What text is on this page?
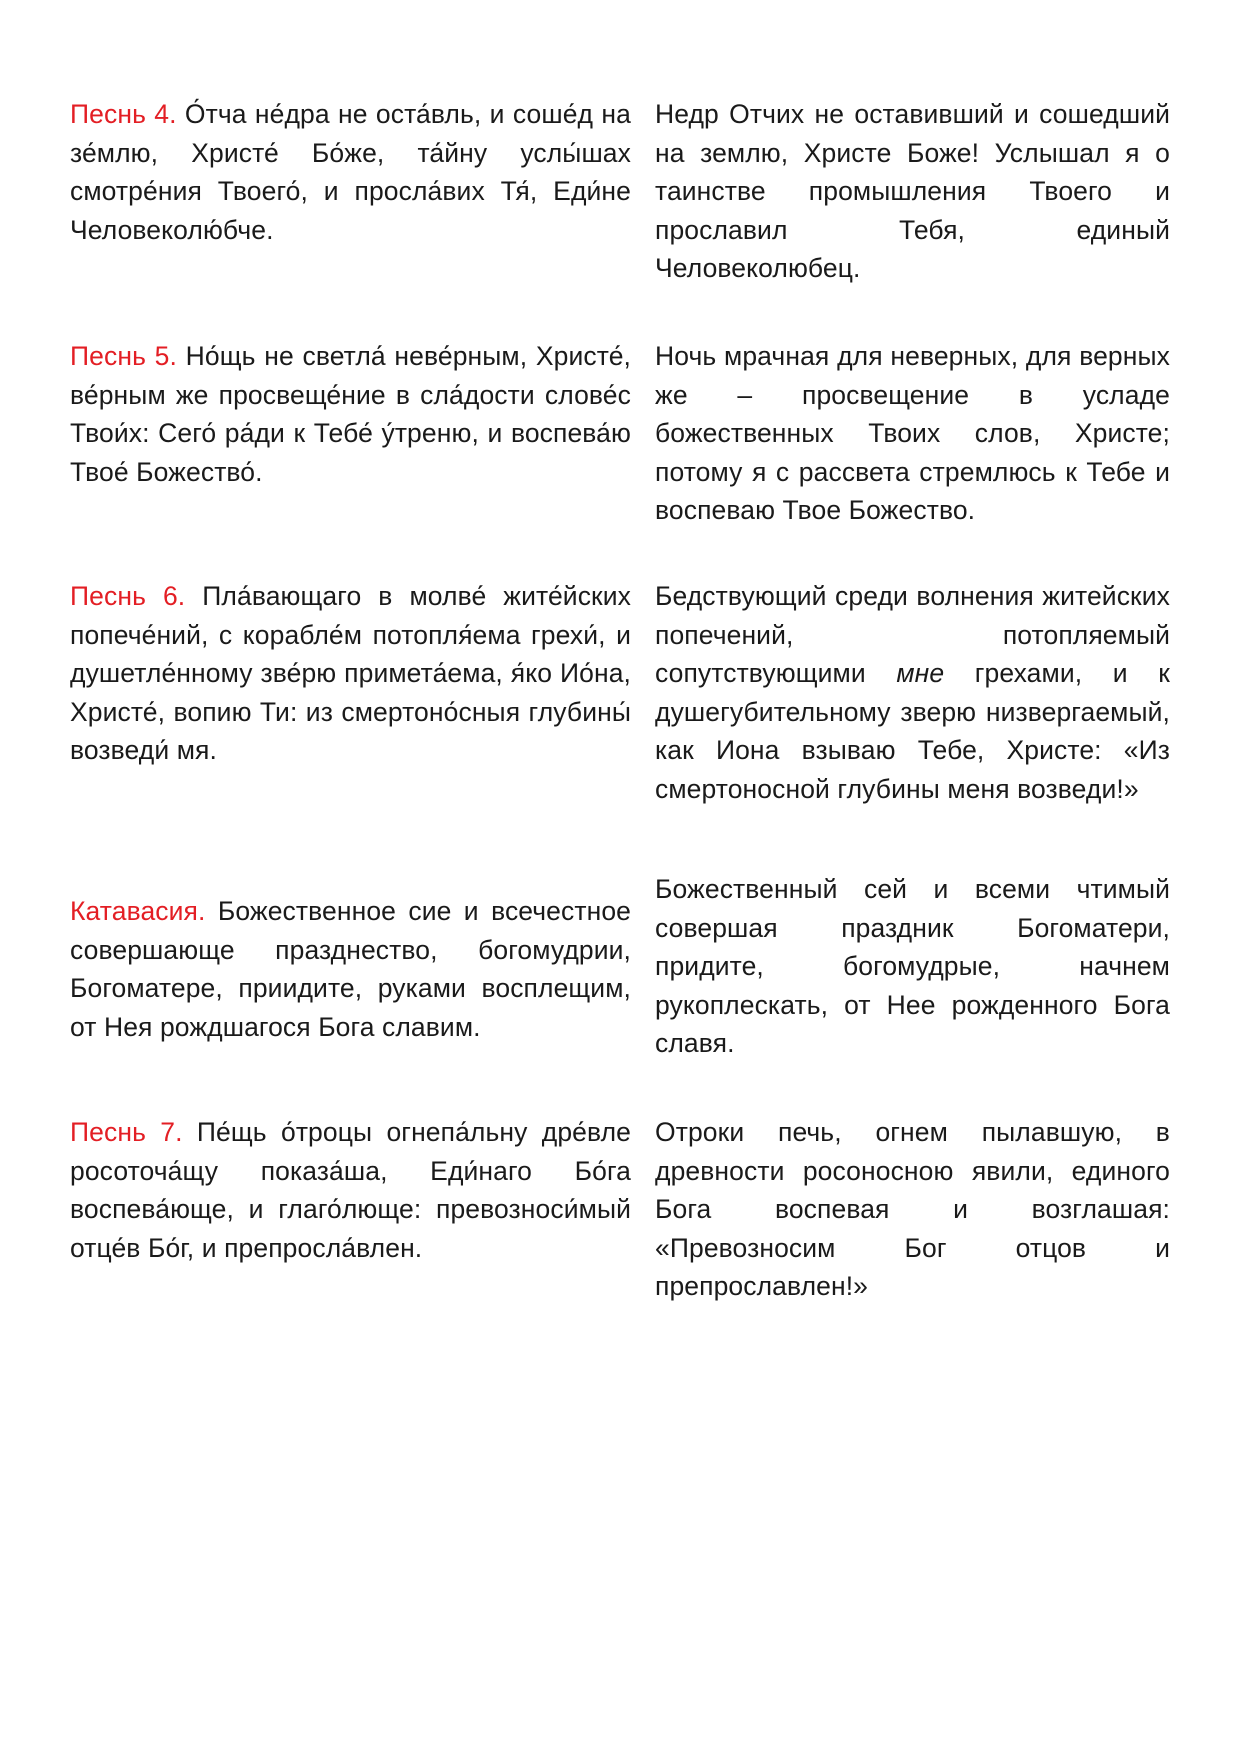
Песнь 4. О́тча не́дра не оста́вль, и соше́д на зе́млю, Христе́ Бо́же, та́йну услы́шах смотре́ния Твоего́, и просла́вих Тя́, Еди́не Человеколю́бче.
Недр Отчих не оставивший и сошедший на землю, Христе Боже! Услышал я о таинстве промышления Твоего и прославил Тебя, единый Человеколюбец.
Песнь 5. Но́щь не светла́ неве́рным, Христе́, ве́рным же просвеще́ние в сла́дости слове́с Твои́х: Сего́ ра́ди к Тебе́ у́треню, и воспева́ю Твое́ Божество́.
Ночь мрачная для неверных, для верных же – просвещение в усладе божественных Твоих слов, Христе; потому я с рассвета стремлюсь к Тебе и воспеваю Твое Божество.
Песнь 6. Пла́вающаго в молве́ жите́йских попече́ний, с корабле́м потопля́ема грехи́, и душетле́нному зве́рю примета́ема, я́ко Ио́на, Христе́, вопию Ти: из смертоно́сныя глубины́ возведи́ мя.
Бедствующий среди волнения житейских попечений, потопляемый сопутствующими мне грехами, и к душегубительному зверю низвергаемый, как Иона взываю Тебе, Христе: «Из смертоносной глубины меня возведи!»
Катавасия. Божественное сие и всечестное совершающе празднество, богомудрии, Богоматере, приидите, руками восплещим, от Нея рождшагося Бога славим.
Божественный сей и всеми чтимый совершая праздник Богоматери, придите, богомудрые, начнем рукоплескать, от Нее рожденного Бога славя.
Песнь 7. Пе́щь о́троцы огнепа́льну дре́вле росоточа́щу показа́ша, Еди́наго Бо́га воспева́юще, и глаго́люще: превозноси́мый отце́в Бо́г, и препросла́влен.
Отроки печь, огнем пылавшую, в древности росоносною явили, единого Бога воспевая и возглашая: «Превозносим Бог отцов и препрославлен!»
